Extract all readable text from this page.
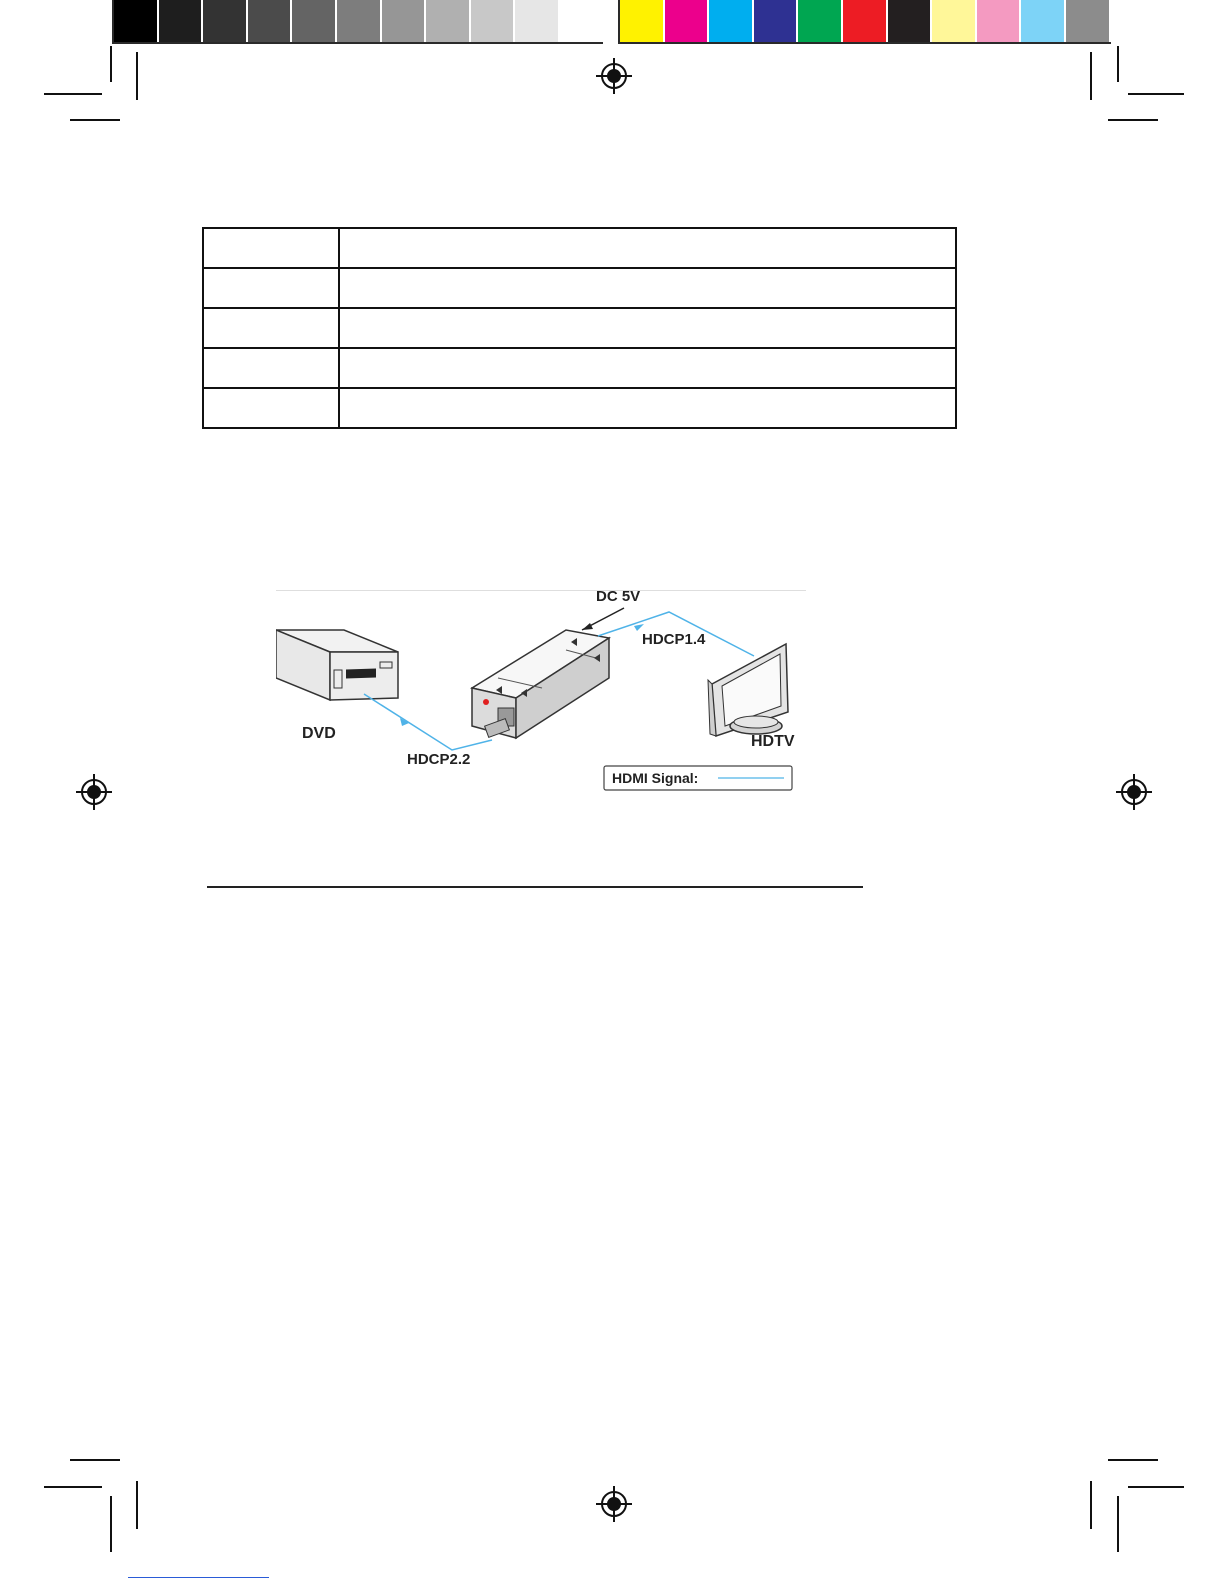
DC 5V
DVD
HDCP2.2
HDCP1.4
HDTV
HDMI Signal:
